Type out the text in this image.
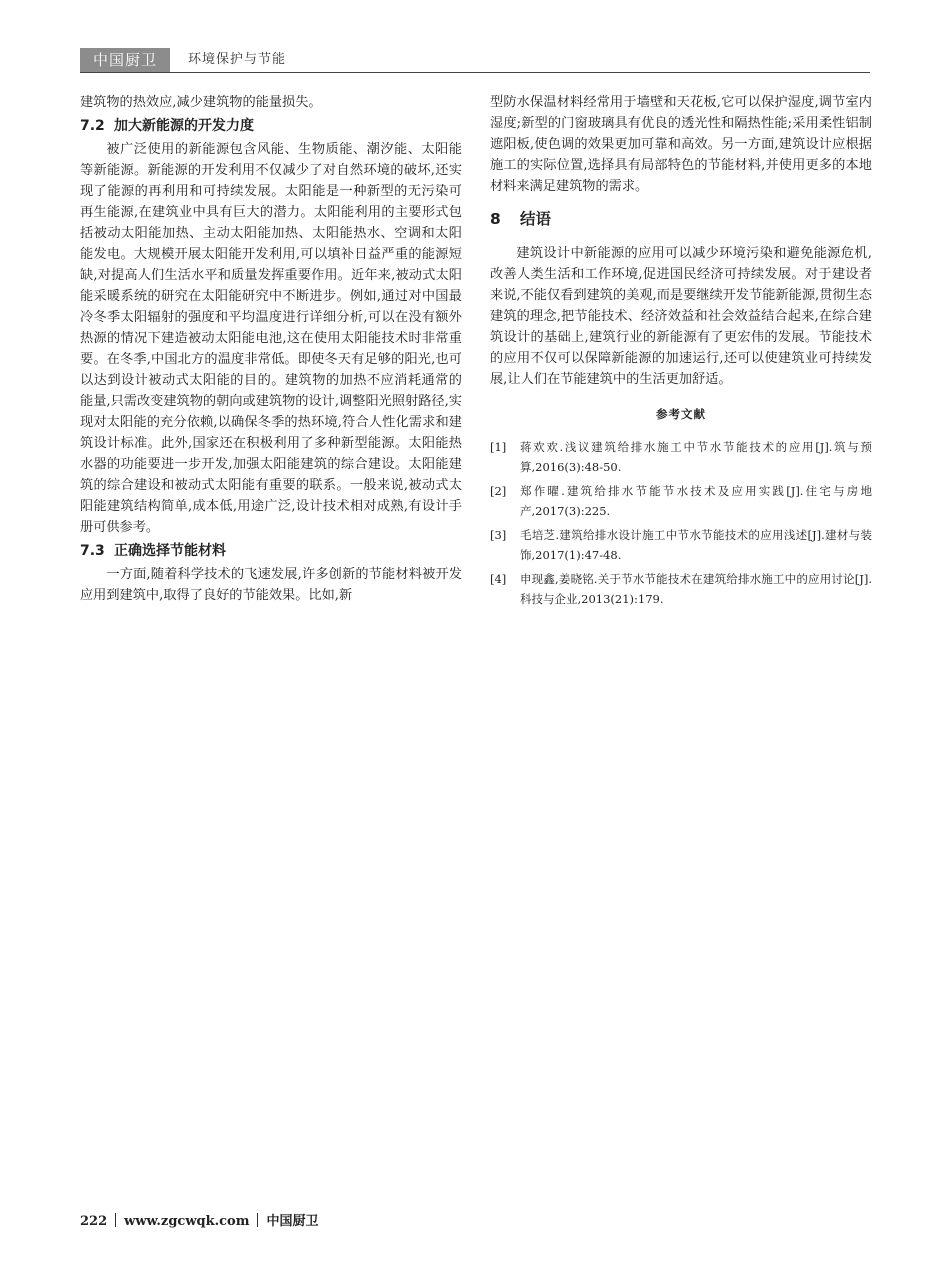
中国厨卫	环境保护与节能

建筑物的热效应,减少建筑物的能量损失。

7.2 加大新能源的开发力度

被广泛使用的新能源包含风能、生物质能、潮汐能、太阳能等新能源。新能源的开发利用不仅减少了对自然环境的破坏,还实现了能源的再利用和可持续发展。太阳能是一种新型的无污染可再生能源,在建筑业中具有巨大的潜力。太阳能利用的主要形式包括被动太阳能加热、主动太阳能加热、太阳能热水、空调和太阳能发电。大规模开展太阳能开发利用,可以填补日益严重的能源短缺,对提高人们生活水平和质量发挥重要作用。近年来,被动式太阳能采暖系统的研究在太阳能研究中不断进步。例如,通过对中国最冷冬季太阳辐射的强度和平均温度进行详细分析,可以在没有额外热源的情况下建造被动太阳能电池,这在使用太阳能技术时非常重要。在冬季,中国北方的温度非常低。即使冬天有足够的阳光,也可以达到设计被动式太阳能的目的。建筑物的加热不应消耗通常的能量,只需改变建筑物的朝向或建筑物的设计,调整阳光照射路径,实现对太阳能的充分依赖,以确保冬季的热环境,符合人性化需求和建筑设计标准。此外,国家还在积极利用了多种新型能源。太阳能热水器的功能要进一步开发,加强太阳能建筑的综合建设。太阳能建筑的综合建设和被动式太阳能有重要的联系。一般来说,被动式太阳能建筑结构简单,成本低,用途广泛,设计技术相对成熟,有设计手册可供参考。

7.3 正确选择节能材料

一方面,随着科学技术的飞速发展,许多创新的节能材料被开发应用到建筑中,取得了良好的节能效果。比如,新

型防水保温材料经常用于墙壁和天花板,它可以保护湿度,调节室内湿度;新型的门窗玻璃具有优良的透光性和隔热性能;采用柔性铝制遮阳板,使色调的效果更加可靠和高效。另一方面,建筑设计应根据施工的实际位置,选择具有局部特色的节能材料,并使用更多的本地材料来满足建筑物的需求。

8 结语

建筑设计中新能源的应用可以减少环境污染和避免能源危机,改善人类生活和工作环境,促进国民经济可持续发展。对于建设者来说,不能仅看到建筑的美观,而是要继续开发节能新能源,贯彻生态建筑的理念,把节能技术、经济效益和社会效益结合起来,在综合建筑设计的基础上,建筑行业的新能源有了更宏伟的发展。节能技术的应用不仅可以保障新能源的加速运行,还可以使建筑业可持续发展,让人们在节能建筑中的生活更加舒适。

参考文献
[1]	蒋欢欢.浅议建筑给排水施工中节水节能技术的应用[J].筑与预算,2016(3):48-50.
[2]	郑作曜.建筑给排水节能节水技术及应用实践[J].住宅与房地产,2017(3):225.
[3]	毛培芝.建筑给排水设计施工中节水节能技术的应用浅述[J].建材与装饰,2017(1):47-48.
[4]	申现鑫,姜晓铭.关于节水节能技术在建筑给排水施工中的应用讨论[J].科技与企业,2013(21):179.
222 www.zgcwqk.com 中国厨卫
